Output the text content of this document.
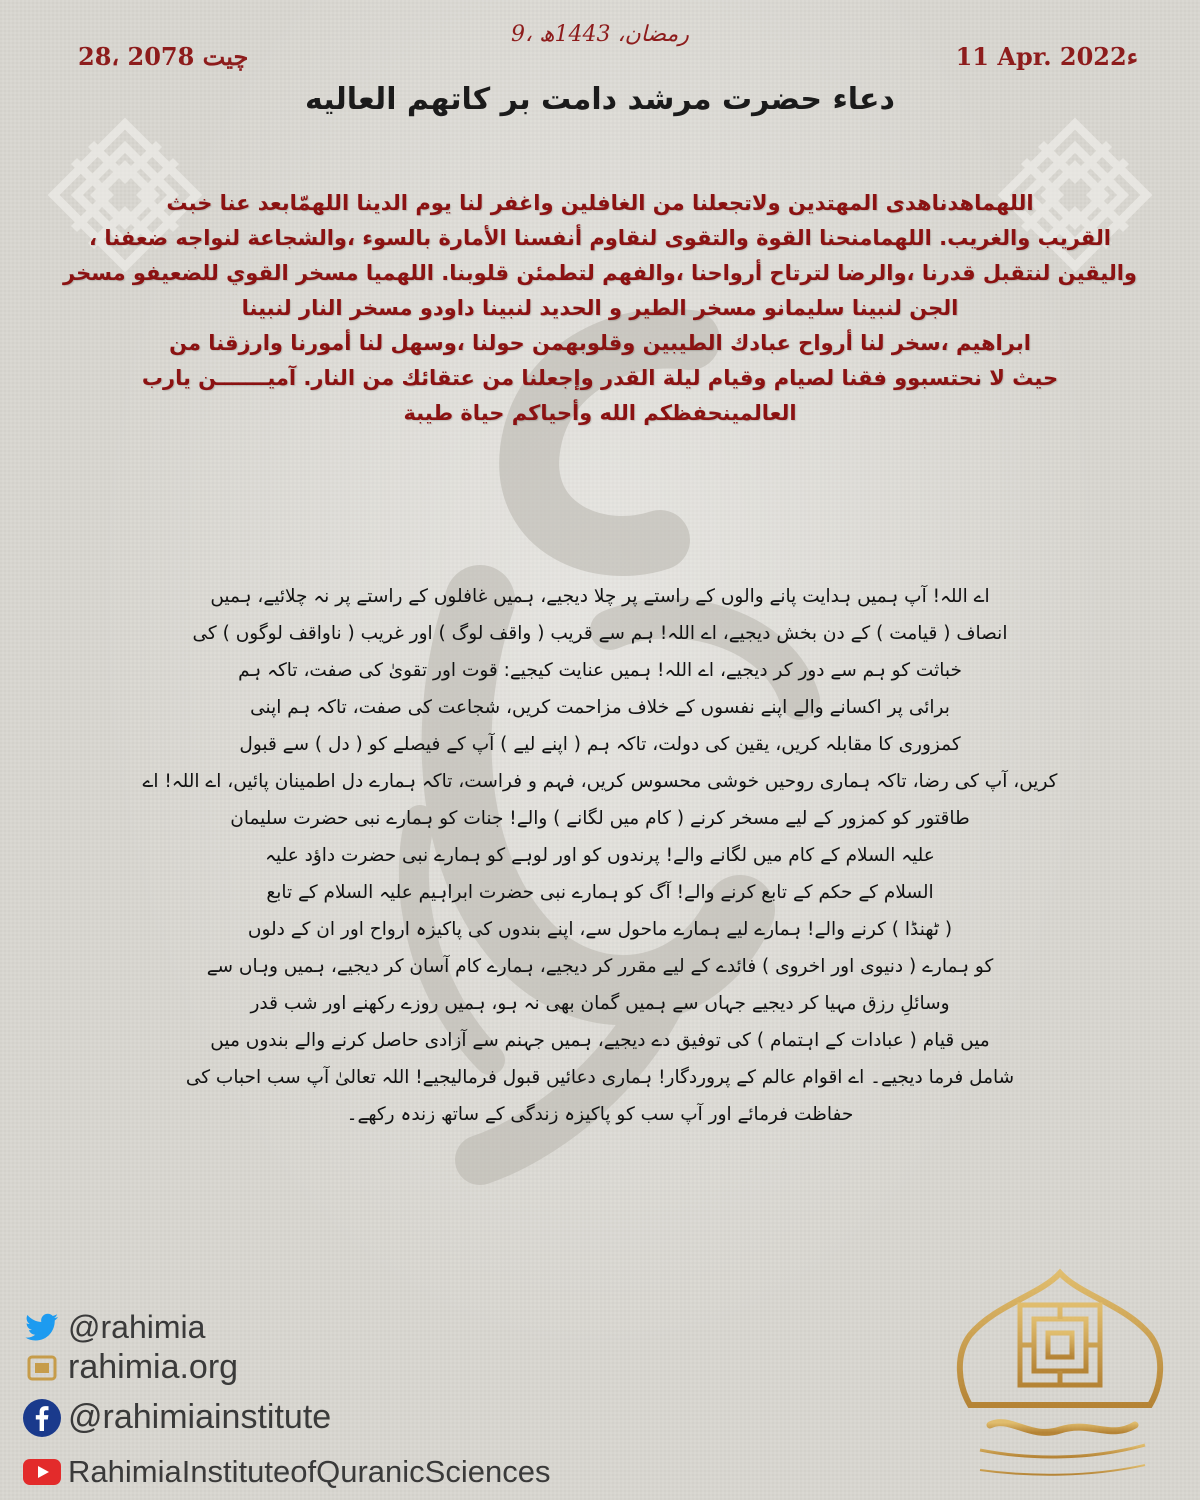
28، چیت 2078

9، رمضان، 1443ھ

11 Apr. 2022ء

دعاء حضرت مرشد دامت بر کاتهم العاليه
اللهماهدناهدى المهتدين ولاتجعلنا من الغافلين واغفر لنا يوم الدينا اللهمّابعد عنا خبث
القريب والغريب. اللهمامنحنا القوة والتقوى لنقاوم أنفسنا الأمارة بالسوء ،والشجاعة لنواجه ضعفنا ،
واليقين لنتقبل قدرنا ،والرضا لترتاح أرواحنا ،والفهم لتطمئن قلوبنا. اللهميا مسخر القوي للضعيفو مسخر
الجن لنبينا سليمانو مسخر الطير و الحديد لنبينا داودو مسخر النار لنبينا
ابراهيم ،سخر لنا أرواح عبادك الطيبين وقلوبهمن حولنا ،وسهل لنا أمورنا وارزقنا من
حيث لا نحتسبوو فقنا لصيام وقيام ليلة القدر وإجعلنا من عتقائك من النار. آميـــــــن يارب
العالمينحفظكم الله وأحياكم حياة طيبة
اے اللہ! آپ ہمیں ہدایت پانے والوں کے راستے پر چلا دیجیے، ہمیں غافلوں کے راستے پر نہ چلائیے، ہمیں
انصاف ( قیامت ) کے دن بخش دیجیے، اے اللہ! ہم سے قریب ( واقف لوگ ) اور غریب ( ناواقف لوگوں ) کی
خباثت کو ہم سے دور کر دیجیے، اے اللہ! ہمیں عنایت کیجیے: قوت اور تقویٰ کی صفت، تاکہ ہم
برائی پر اکسانے والے اپنے نفسوں کے خلاف مزاحمت کریں، شجاعت کی صفت، تاکہ ہم اپنی
کمزوری کا مقابلہ کریں، یقین کی دولت، تاکہ ہم ( اپنے لیے ) آپ کے فیصلے کو ( دل ) سے قبول
کریں، آپ کی رضا، تاکہ ہماری روحیں خوشی محسوس کریں، فہم و فراست، تاکہ ہمارے دل اطمینان پائیں، اے اللہ! اے
طاقتور کو کمزور کے لیے مسخر کرنے ( کام میں لگانے ) والے! جنات کو ہمارے نبی حضرت سلیمان
علیہ السلام کے کام میں لگانے والے! پرندوں کو اور لوہے کو ہمارے نبی حضرت داؤد علیہ
السلام کے حکم کے تابع کرنے والے! آگ کو ہمارے نبی حضرت ابراہیم علیہ السلام کے تابع
( ٹھنڈا ) کرنے والے! ہمارے لیے ہمارے ماحول سے، اپنے بندوں کی پاکیزہ ارواح اور ان کے دلوں
کو ہمارے ( دنیوی اور اخروی ) فائدے کے لیے مقرر کر دیجیے، ہمارے کام آسان کر دیجیے، ہمیں وہاں سے
وسائلِ رزق مہیا کر دیجیے جہاں سے ہمیں گمان بھی نہ ہو، ہمیں روزے رکھنے اور شب قدر
میں قیام ( عبادات کے اہتمام ) کی توفیق دے دیجیے، ہمیں جہنم سے آزادی حاصل کرنے والے بندوں میں
شامل فرما دیجیے۔ اے اقوام عالم کے پروردگار! ہماری دعائیں قبول فرمالیجیے! اللہ تعالیٰ آپ سب احباب کی
حفاظت فرمائے اور آپ سب کو پاکیزہ زندگی کے ساتھ زندہ رکھے۔
@rahimia
rahimia.org
@rahimiainstitute
RahimiaInstituteofQuranicSciences
